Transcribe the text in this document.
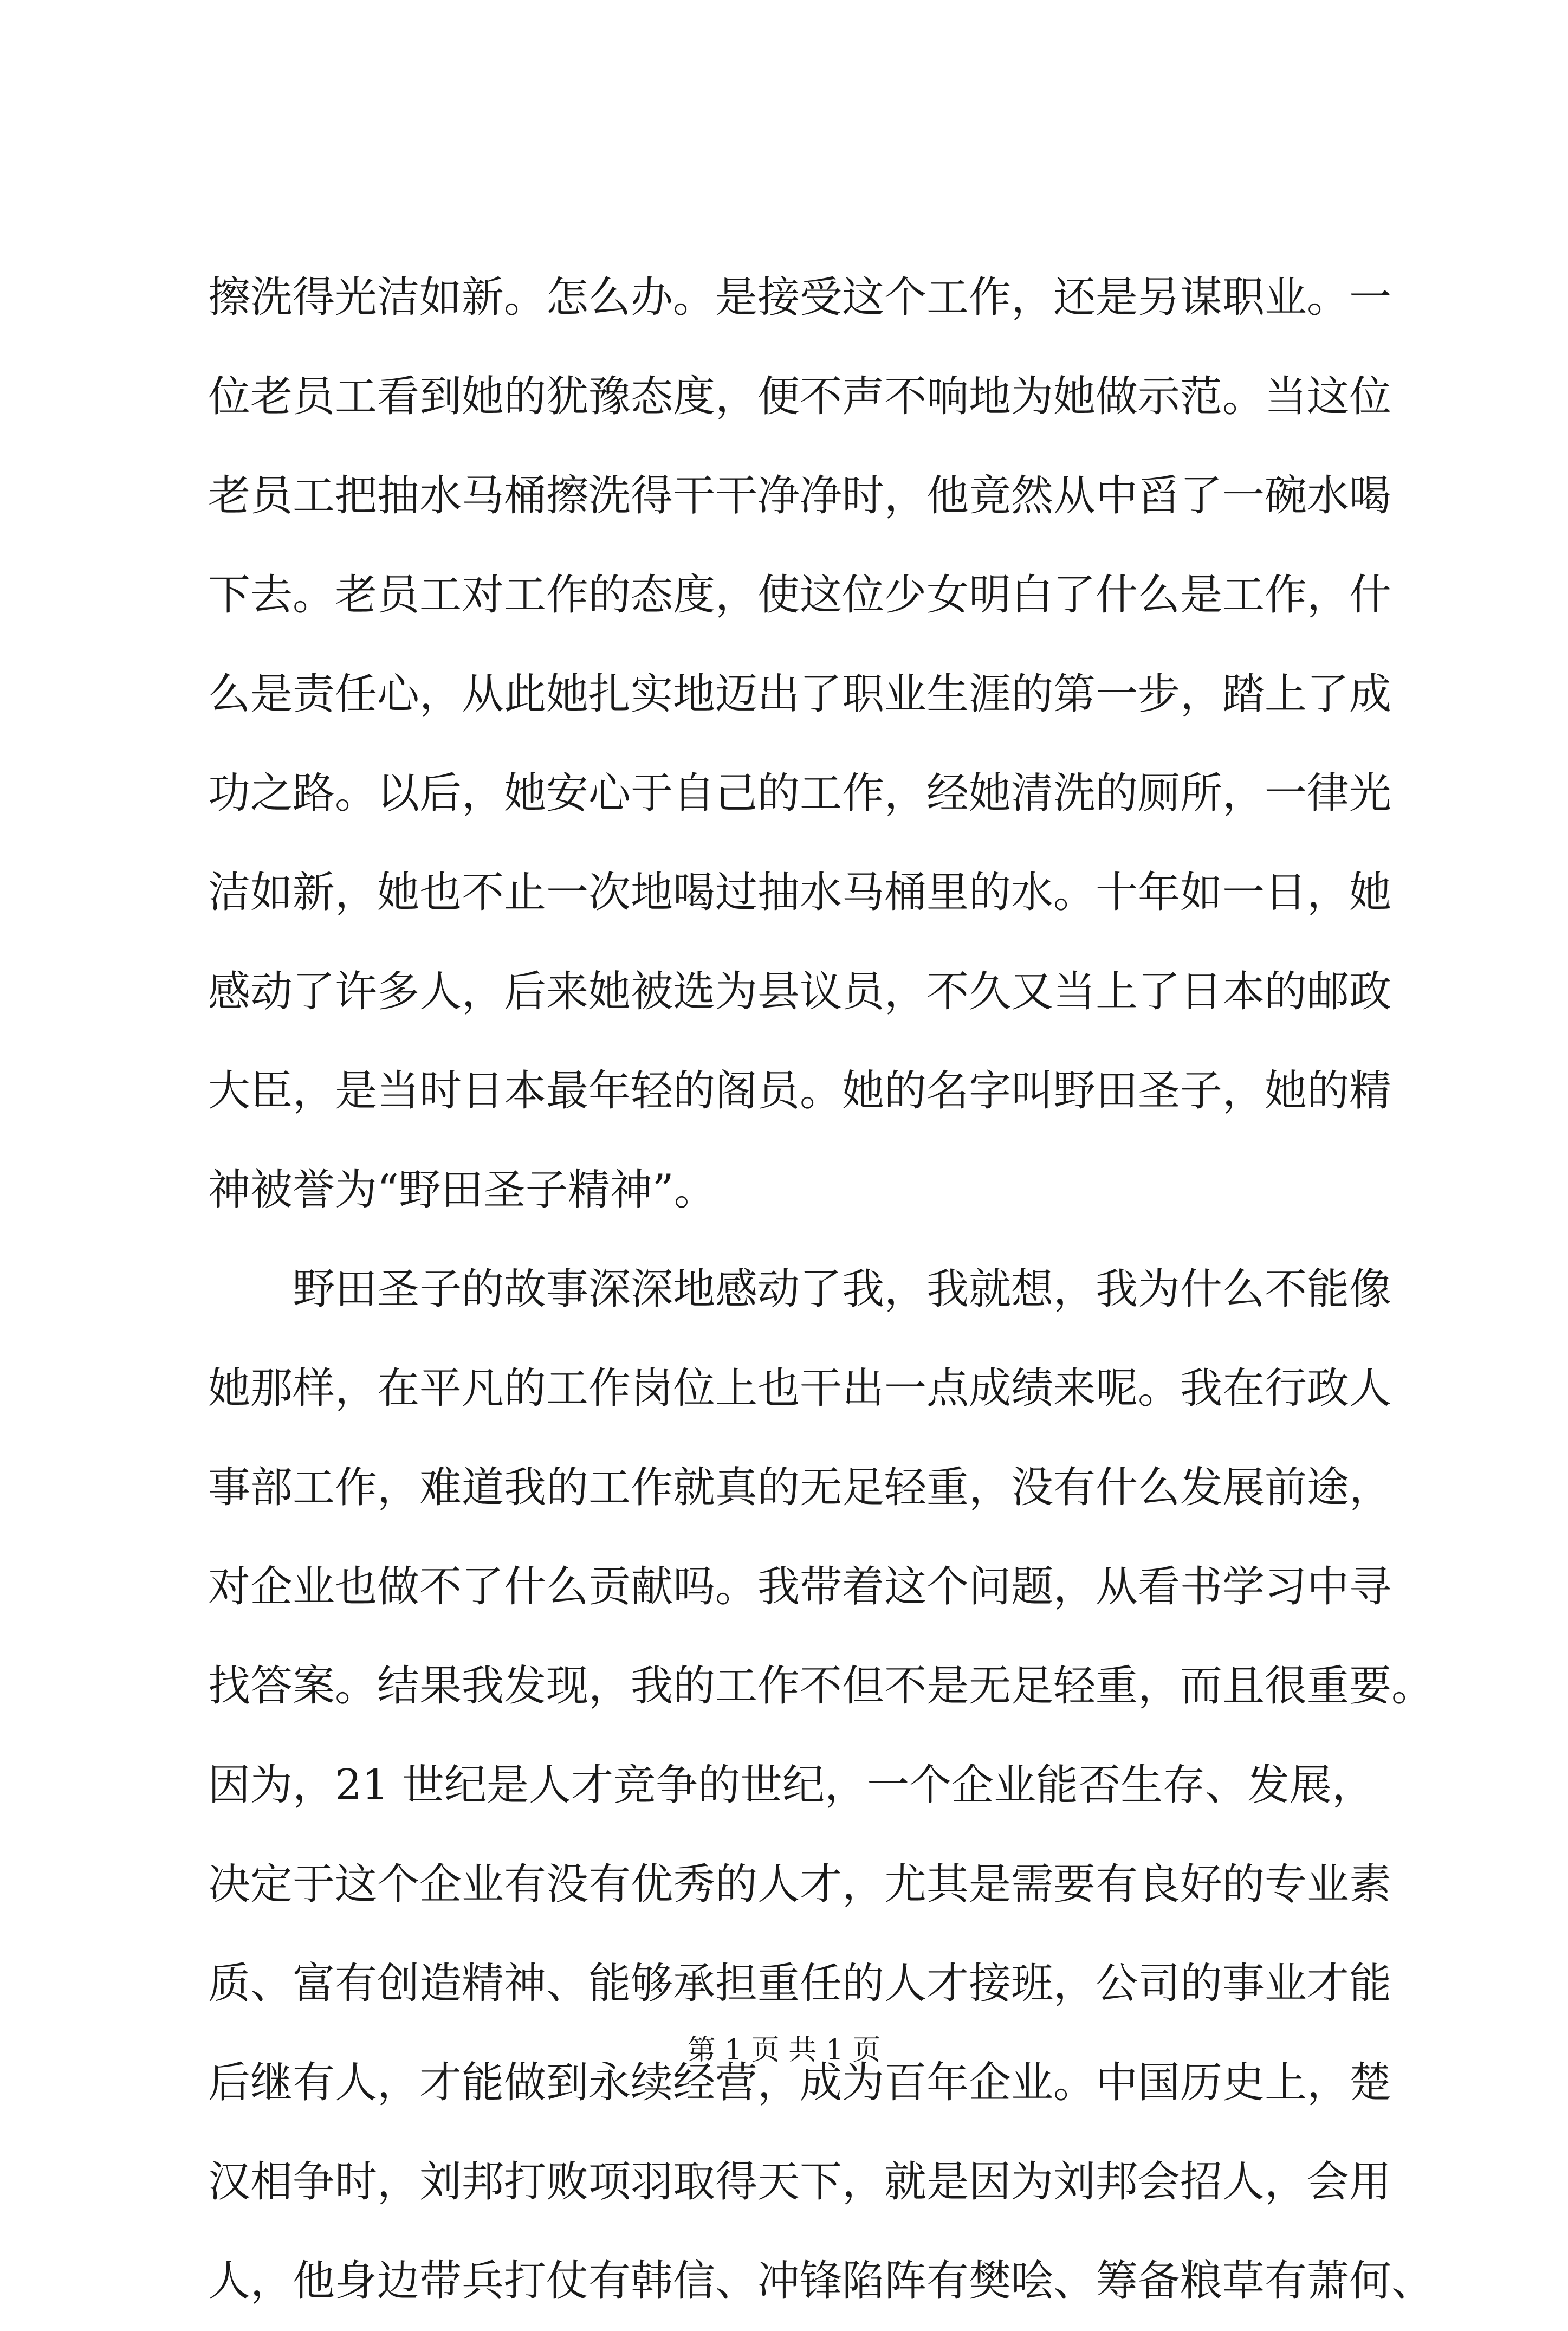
擦洗得光洁如新。怎么办。是接受这个工作，还是另谋职业。一
位老员工看到她的犹豫态度，便不声不响地为她做示范。当这位
老员工把抽水马桶擦洗得干干净净时，他竟然从中舀了一碗水喝
下去。老员工对工作的态度，使这位少女明白了什么是工作，什
么是责任心，从此她扎实地迈出了职业生涯的第一步，踏上了成
功之路。以后，她安心于自己的工作，经她清洗的厕所，一律光
洁如新，她也不止一次地喝过抽水马桶里的水。十年如一日，她
感动了许多人，后来她被选为县议员，不久又当上了日本的邮政
大臣，是当时日本最年轻的阁员。她的名字叫野田圣子，她的精
神被誉为“野田圣子精神”。
野田圣子的故事深深地感动了我，我就想，我为什么不能像
她那样，在平凡的工作岗位上也干出一点成绩来呢。我在行政人
事部工作，难道我的工作就真的无足轻重，没有什么发展前途，
对企业也做不了什么贡献吗。我带着这个问题，从看书学习中寻
找答案。结果我发现，我的工作不但不是无足轻重，而且很重要。
因为，21 世纪是人才竞争的世纪，一个企业能否生存、发展，
决定于这个企业有没有优秀的人才，尤其是需要有良好的专业素
质、富有创造精神、能够承担重任的人才接班，公司的事业才能
后继有人，才能做到永续经营，成为百年企业。中国历史上，楚
汉相争时，刘邦打败项羽取得天下，就是因为刘邦会招人，会用
人，他身边带兵打仗有韩信、冲锋陷阵有樊哙、筹备粮草有萧何、
第 1 页 共 1 页
